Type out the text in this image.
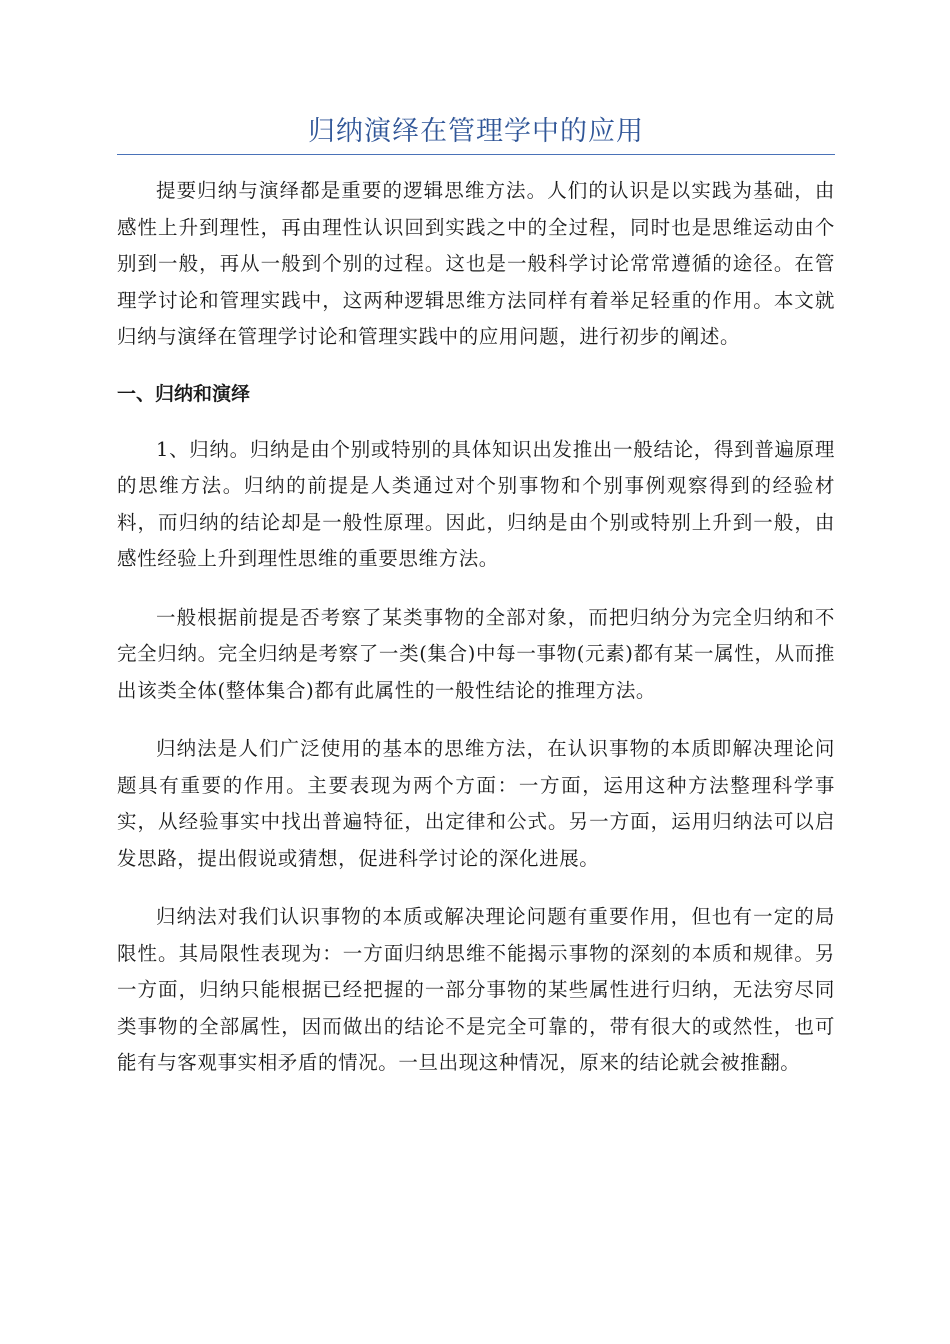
归纳演绎在管理学中的应用

提要归纳与演绎都是重要的逻辑思维方法。人们的认识是以实践为基础，由感性上升到理性，再由理性认识回到实践之中的全过程，同时也是思维运动由个别到一般，再从一般到个别的过程。这也是一般科学讨论常常遵循的途径。在管理学讨论和管理实践中，这两种逻辑思维方法同样有着举足轻重的作用。本文就归纳与演绎在管理学讨论和管理实践中的应用问题，进行初步的阐述。

一、归纳和演绎

1、归纳。归纳是由个别或特别的具体知识出发推出一般结论，得到普遍原理的思维方法。归纳的前提是人类通过对个别事物和个别事例观察得到的经验材料，而归纳的结论却是一般性原理。因此，归纳是由个别或特别上升到一般，由感性经验上升到理性思维的重要思维方法。

一般根据前提是否考察了某类事物的全部对象，而把归纳分为完全归纳和不完全归纳。完全归纳是考察了一类(集合)中每一事物(元素)都有某一属性，从而推出该类全体(整体集合)都有此属性的一般性结论的推理方法。

归纳法是人们广泛使用的基本的思维方法，在认识事物的本质即解决理论问题具有重要的作用。主要表现为两个方面：一方面，运用这种方法整理科学事实，从经验事实中找出普遍特征，出定律和公式。另一方面，运用归纳法可以启发思路，提出假说或猜想，促进科学讨论的深化进展。

归纳法对我们认识事物的本质或解决理论问题有重要作用，但也有一定的局限性。其局限性表现为：一方面归纳思维不能揭示事物的深刻的本质和规律。另一方面，归纳只能根据已经把握的一部分事物的某些属性进行归纳，无法穷尽同类事物的全部属性，因而做出的结论不是完全可靠的，带有很大的或然性，也可能有与客观事实相矛盾的情况。一旦出现这种情况，原来的结论就会被推翻。
